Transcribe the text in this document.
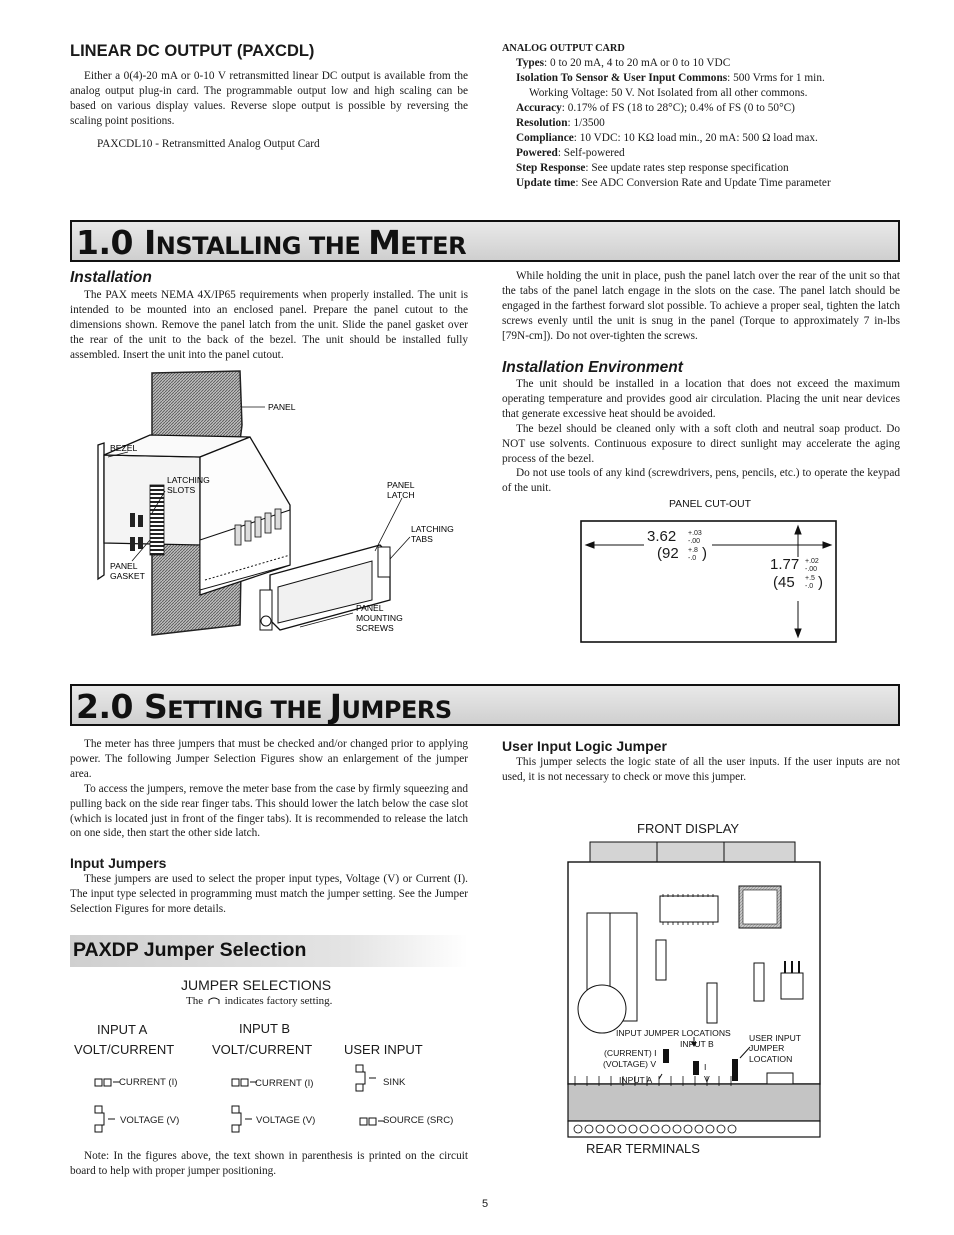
LINEAR DC OUTPUT (PAXCDL)

Either a 0(4)-20 mA or 0-10 V retransmitted linear DC output is available from the analog output plug-in card. The programmable output low and high scaling can be based on various display values. Reverse slope output is possible by reversing the scaling point positions.

PAXCDL10 - Retransmitted Analog Output Card
ANALOG OUTPUT CARD
Types: 0 to 20 mA, 4 to 20 mA or 0 to 10 VDC
Isolation To Sensor & User Input Commons: 500 Vrms for 1 min.
Working Voltage: 50 V. Not Isolated from all other commons.
Accuracy: 0.17% of FS (18 to 28°C); 0.4% of FS (0 to 50°C)
Resolution: 1/3500
Compliance: 10 VDC: 10 KΩ load min., 20 mA: 500 Ω load max.
Powered: Self-powered
Step Response: See update rates step response specification
Update time: See ADC Conversion Rate and Update Time parameter
1.0 INSTALLING THE METER
Installation

The PAX meets NEMA 4X/IP65 requirements when properly installed. The unit is intended to be mounted into an enclosed panel. Prepare the panel cutout to the dimensions shown. Remove the panel latch from the unit. Slide the panel gasket over the rear of the unit to the back of the bezel. The unit should be installed fully assembled. Insert the unit into the panel cutout.

While holding the unit in place, push the panel latch over the rear of the unit so that the tabs of the panel latch engage in the slots on the case. The panel latch should be engaged in the farthest forward slot possible. To achieve a proper seal, tighten the latch screws evenly until the unit is snug in the panel (Torque to approximately 7 in-lbs [79N-cm]). Do not over-tighten the screws.

PANEL
BEZEL
LATCHING
SLOTS	PANEL
LATCH
LATCHING
TABS
PANEL
GASKET
PANEL
MOUNTING
SCREWS
Installation Environment

The unit should be installed in a location that does not exceed the maximum operating temperature and provides good air circulation. Placing the unit near devices that generate excessive heat should be avoided.

The bezel should be cleaned only with a soft cloth and neutral soap product. Do NOT use solvents. Continuous exposure to direct sunlight may accelerate the aging process of the bezel.

Do not use tools of any kind (screwdrivers, pens, pencils, etc.) to operate the keypad of the unit.

PANEL CUT-OUT
3.62 +.03
-.00
(92 +.8
-.0 )
1.77 +.02
-.00
(45 +.5
-.0 )
2.0 SETTING THE JUMPERS

The meter has three jumpers that must be checked and/or changed prior to applying power. The following Jumper Selection Figures show an enlargement of the jumper area.

To access the jumpers, remove the meter base from the case by firmly squeezing and pulling back on the side rear finger tabs. This should lower the latch below the case slot (which is located just in front of the finger tabs). It is recommended to release the latch on one side, then start the other side latch.

Input Jumpers

These jumpers are used to select the proper input types, Voltage (V) or Current (I). The input type selected in programming must match the jumper setting. See the Jumper Selection Figures for more details.

User Input Logic Jumper

This jumper selects the logic state of all the user inputs. If the user inputs are not used, it is not necessary to check or move this jumper.

PAXDP Jumper Selection
JUMPER SELECTIONS
The indicates factory setting.
INPUT A
VOLT/CURRENT
INPUT B
VOLT/CURRENT USER INPUT
CURRENT (I)
VOLTAGE (V)
CURRENT (I)
VOLTAGE (V)
SINK
SOURCE (SRC)

Note: In the figures above, the text shown in parenthesis is printed on the circuit board to help with proper jumper positioning.

FRONT DISPLAY
INPUT JUMPER LOCATIONS
INPUT B
(CURRENT) I
(VOLTAGE) V
INPUT A
I
V
USER INPUT
JUMPER
LOCATION
REAR TERMINALS
5
